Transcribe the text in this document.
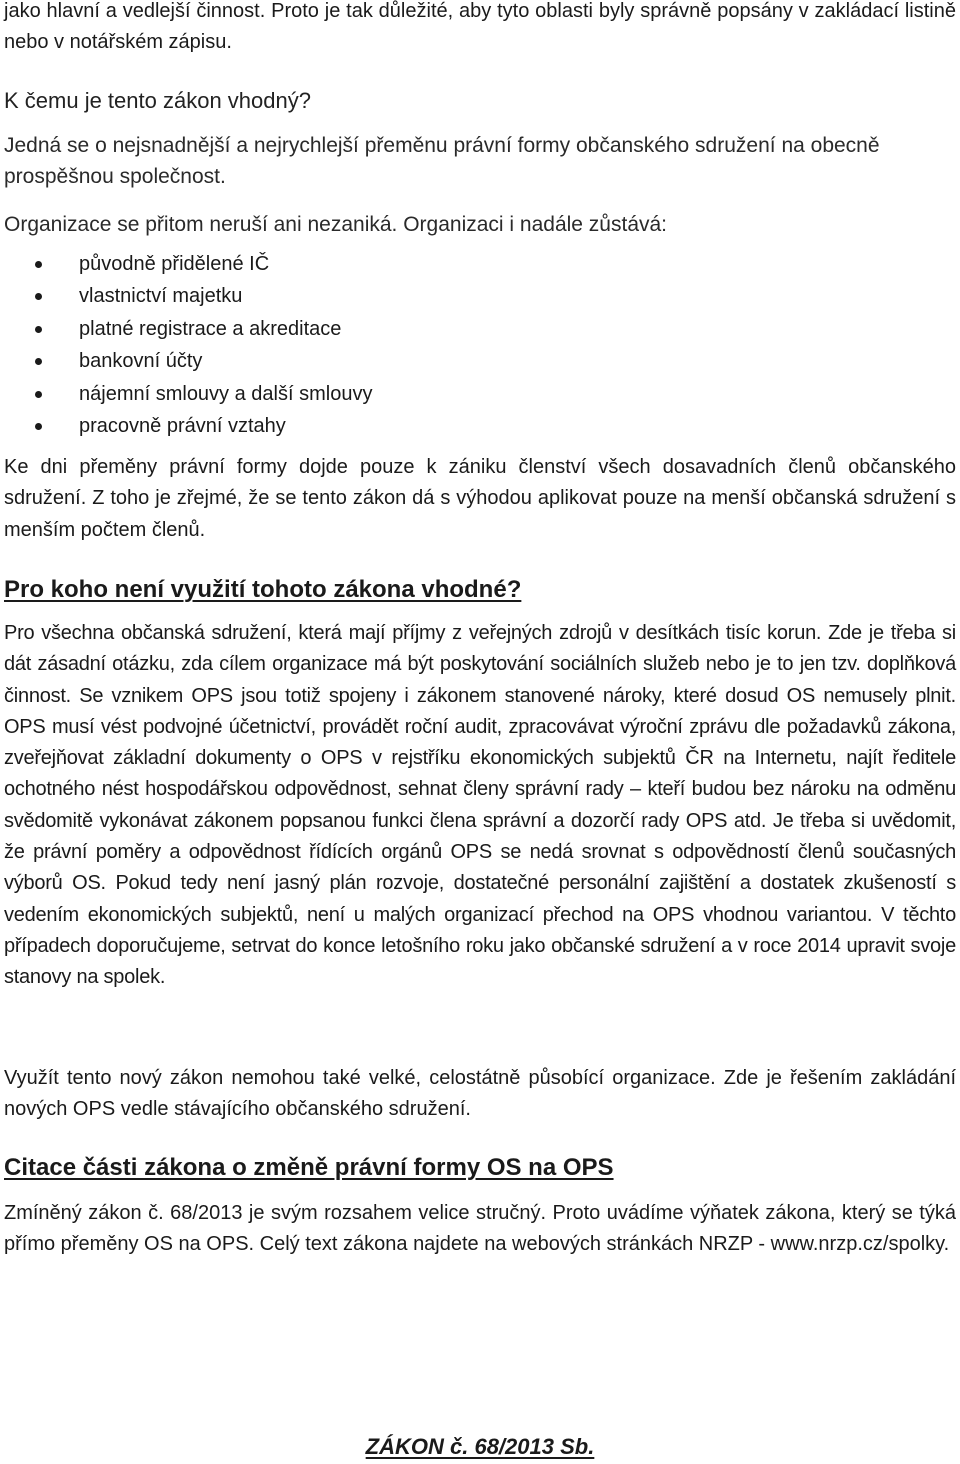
jako hlavní a vedlejší činnost. Proto je tak důležité, aby tyto oblasti byly správně popsány v zakládací listině nebo v notářském zápisu.

K čemu je tento zákon vhodný?

Jedná se o nejsnadnější a nejrychlejší přeměnu právní formy občanského sdružení na obecně prospěšnou společnost.

Organizace se přitom neruší ani nezaniká. Organizaci i nadále zůstává:

původně přidělené IČ
vlastnictví majetku
platné registrace a akreditace
bankovní účty
nájemní smlouvy a další smlouvy
pracovně právní vztahy

Ke dni přeměny právní formy dojde pouze k zániku členství všech dosavadních členů občanského sdružení. Z toho je zřejmé, že se tento zákon dá s výhodou aplikovat pouze na menší občanská sdružení s menším počtem členů.

Pro koho není využití tohoto zákona vhodné?

Pro všechna občanská sdružení, která mají příjmy z veřejných zdrojů v desítkách tisíc korun. Zde je třeba si dát zásadní otázku, zda cílem organizace má být poskytování sociálních služeb nebo je to jen tzv. doplňková činnost. Se vznikem OPS jsou totiž spojeny i zákonem stanovené nároky, které dosud OS nemusely plnit. OPS musí vést podvojné účetnictví, provádět roční audit, zpracovávat výroční zprávu dle požadavků zákona, zveřejňovat základní dokumenty o OPS v rejstříku ekonomických subjektů ČR na Internetu, najít ředitele ochotného nést hospodářskou odpovědnost, sehnat členy správní rady – kteří budou bez nároku na odměnu svědomitě vykonávat zákonem popsanou funkci člena správní a dozorčí rady OPS atd. Je třeba si uvědomit, že právní poměry a odpovědnost řídících orgánů OPS se nedá srovnat s odpovědností členů současných výborů OS. Pokud tedy není jasný plán rozvoje, dostatečné personální zajištění a dostatek zkušeností s vedením ekonomických subjektů, není u malých organizací přechod na OPS vhodnou variantou. V těchto případech doporučujeme, setrvat do konce letošního roku jako občanské sdružení a v roce 2014 upravit svoje stanovy na spolek.

Využít tento nový zákon nemohou také velké, celostátně působící organizace. Zde je řešením zakládání nových OPS vedle stávajícího občanského sdružení.

Citace části zákona o změně právní formy OS na OPS

Zmíněný zákon č. 68/2013 je svým rozsahem velice stručný. Proto uvádíme výňatek zákona, který se týká přímo přeměny OS na OPS. Celý text zákona najdete na webových stránkách NRZP - www.nrzp.cz/spolky.

ZÁKON č. 68/2013 Sb.
